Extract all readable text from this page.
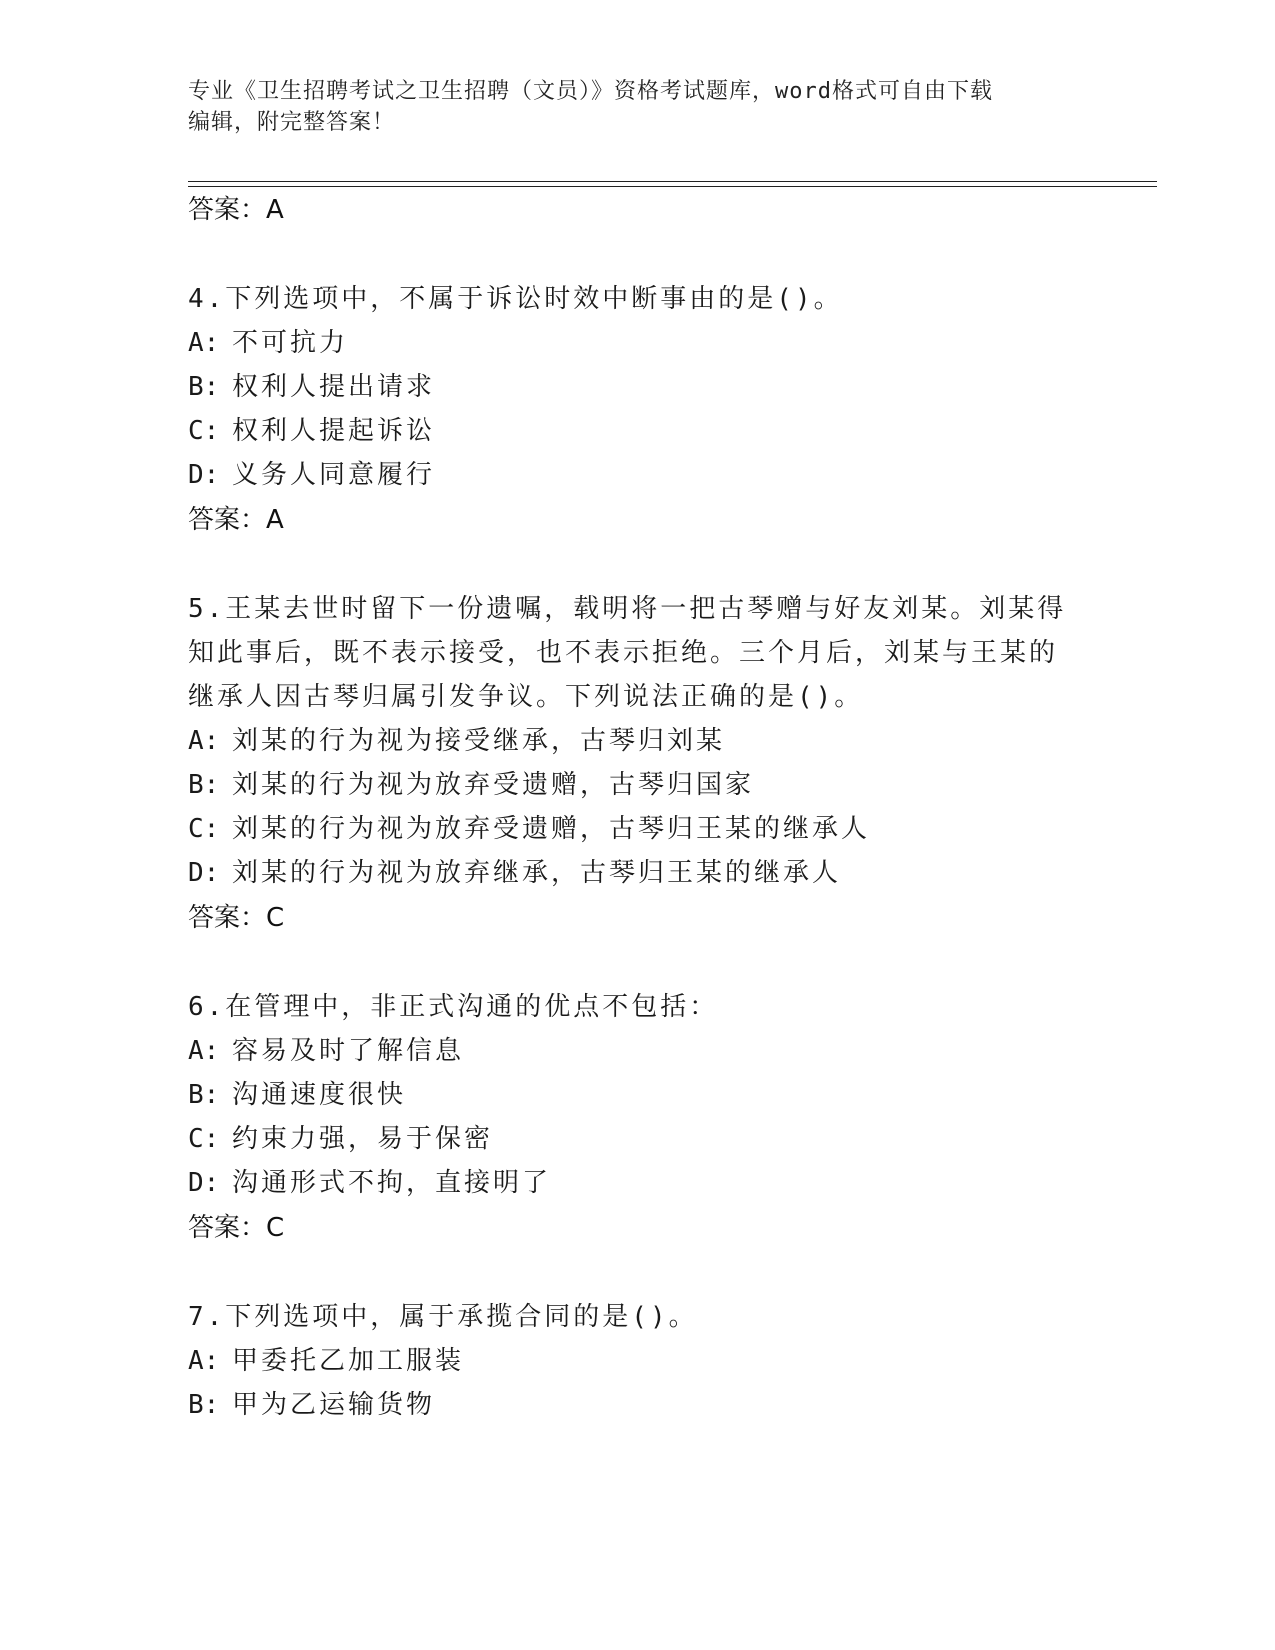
专业《卫生招聘考试之卫生招聘（文员）》资格考试题库，word格式可自由下载
编辑，附完整答案！
答案：A
4.下列选项中，不属于诉讼时效中断事由的是()。
A: 不可抗力
B: 权利人提出请求
C: 权利人提起诉讼
D: 义务人同意履行
答案：A
5.王某去世时留下一份遗嘱，载明将一把古琴赠与好友刘某。刘某得
知此事后，既不表示接受，也不表示拒绝。三个月后，刘某与王某的
继承人因古琴归属引发争议。下列说法正确的是()。
A: 刘某的行为视为接受继承，古琴归刘某
B: 刘某的行为视为放弃受遗赠，古琴归国家
C: 刘某的行为视为放弃受遗赠，古琴归王某的继承人
D: 刘某的行为视为放弃继承，古琴归王某的继承人
答案：C
6.在管理中，非正式沟通的优点不包括：
A: 容易及时了解信息
B: 沟通速度很快
C: 约束力强，易于保密
D: 沟通形式不拘，直接明了
答案：C
7.下列选项中，属于承揽合同的是()。
A: 甲委托乙加工服装
B: 甲为乙运输货物
